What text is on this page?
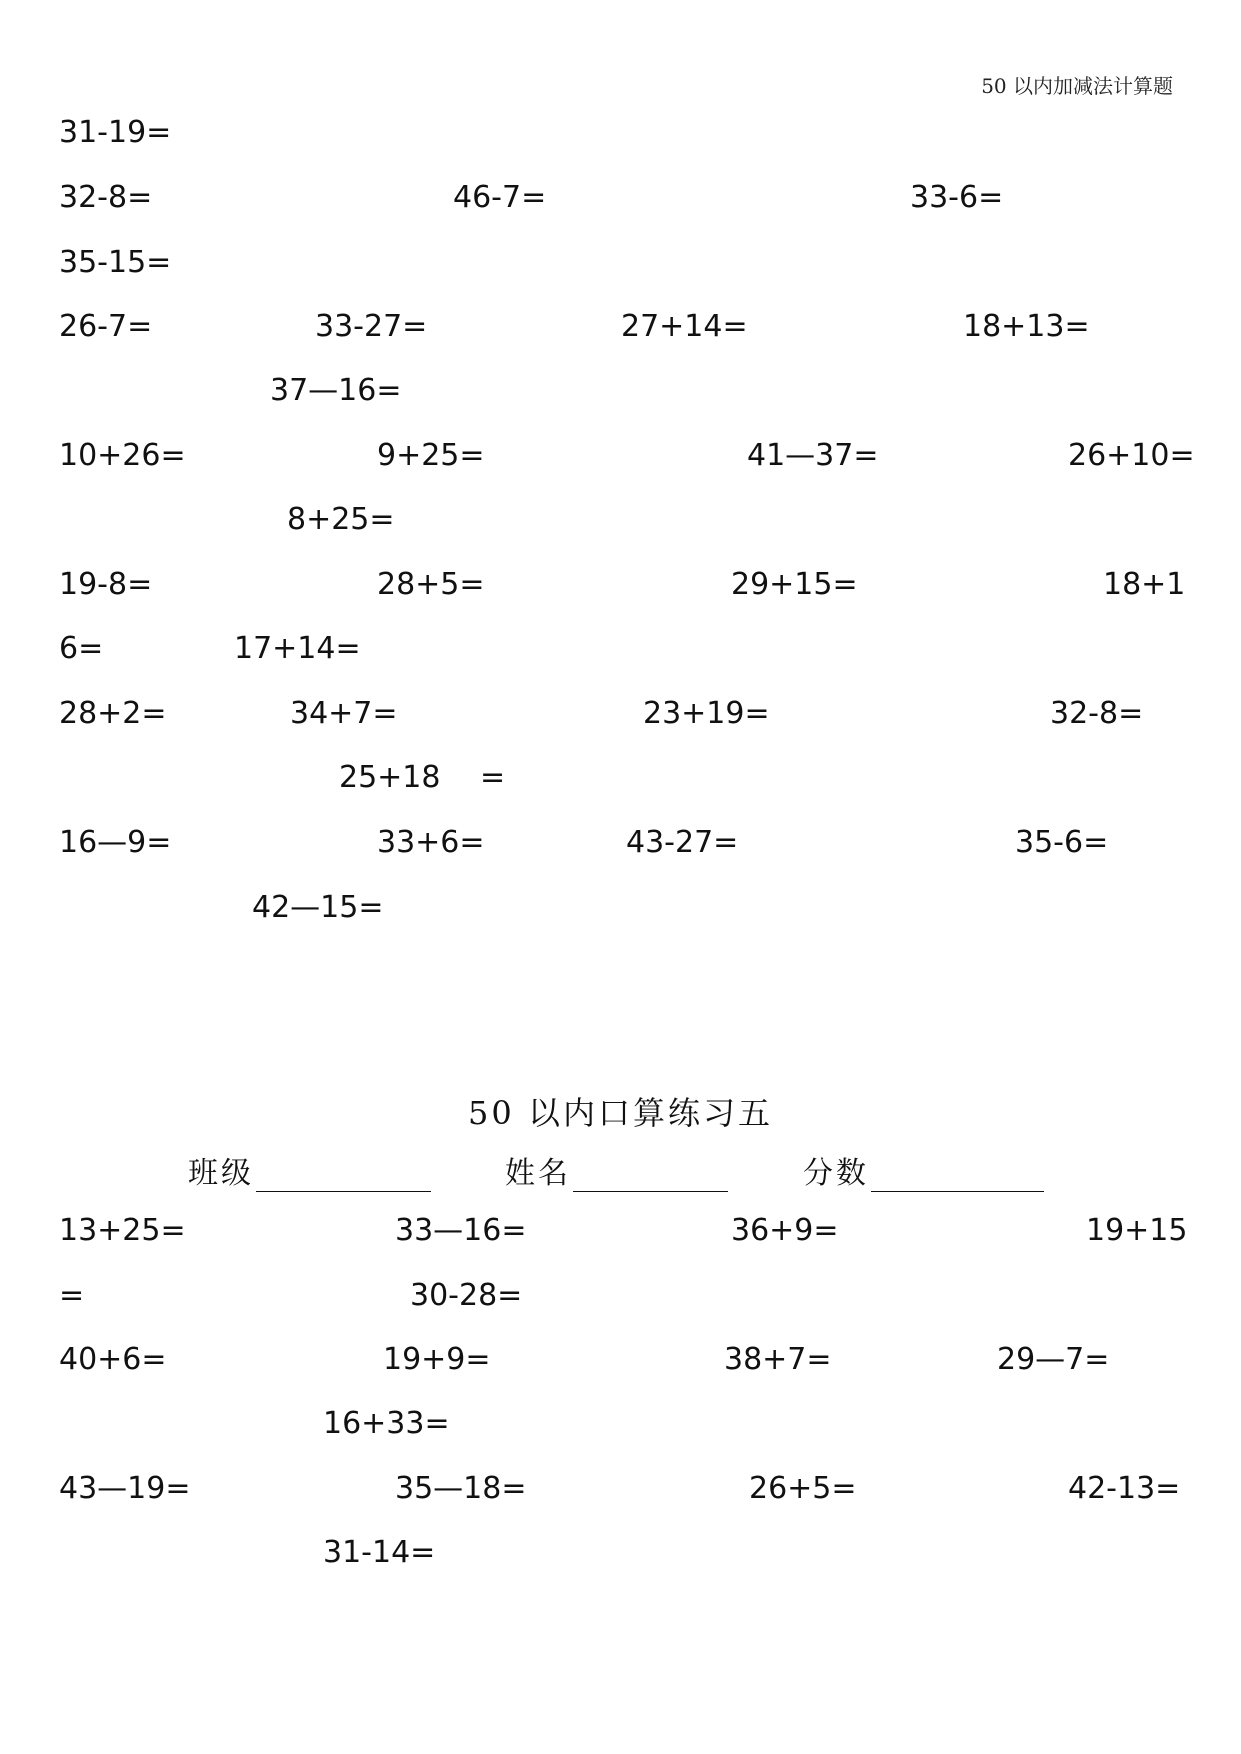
50 以内加减法计算题
31-19=
32-8=	46-7=	33-6=
35-15=
26-7=	33-27=	27+14=	18+13=
37—16=
10+26=	9+25=	41—37=	26+10=
8+25=
19-8=	28+5=	29+15=	18+1
6=	17+14=
28+2=	34+7=	23+19=	32-8=
25+18  =
16—9=	33+6=	43-27=	35-6=
42—15=
50 以内口算练习五
班级	姓名	分数
13+25=	33—16=	36+9=	19+15
=	30-28=
40+6=	19+9=	38+7=	29—7=
16+33=
43—19=	35—18=	26+5=	42-13=
31-14=
